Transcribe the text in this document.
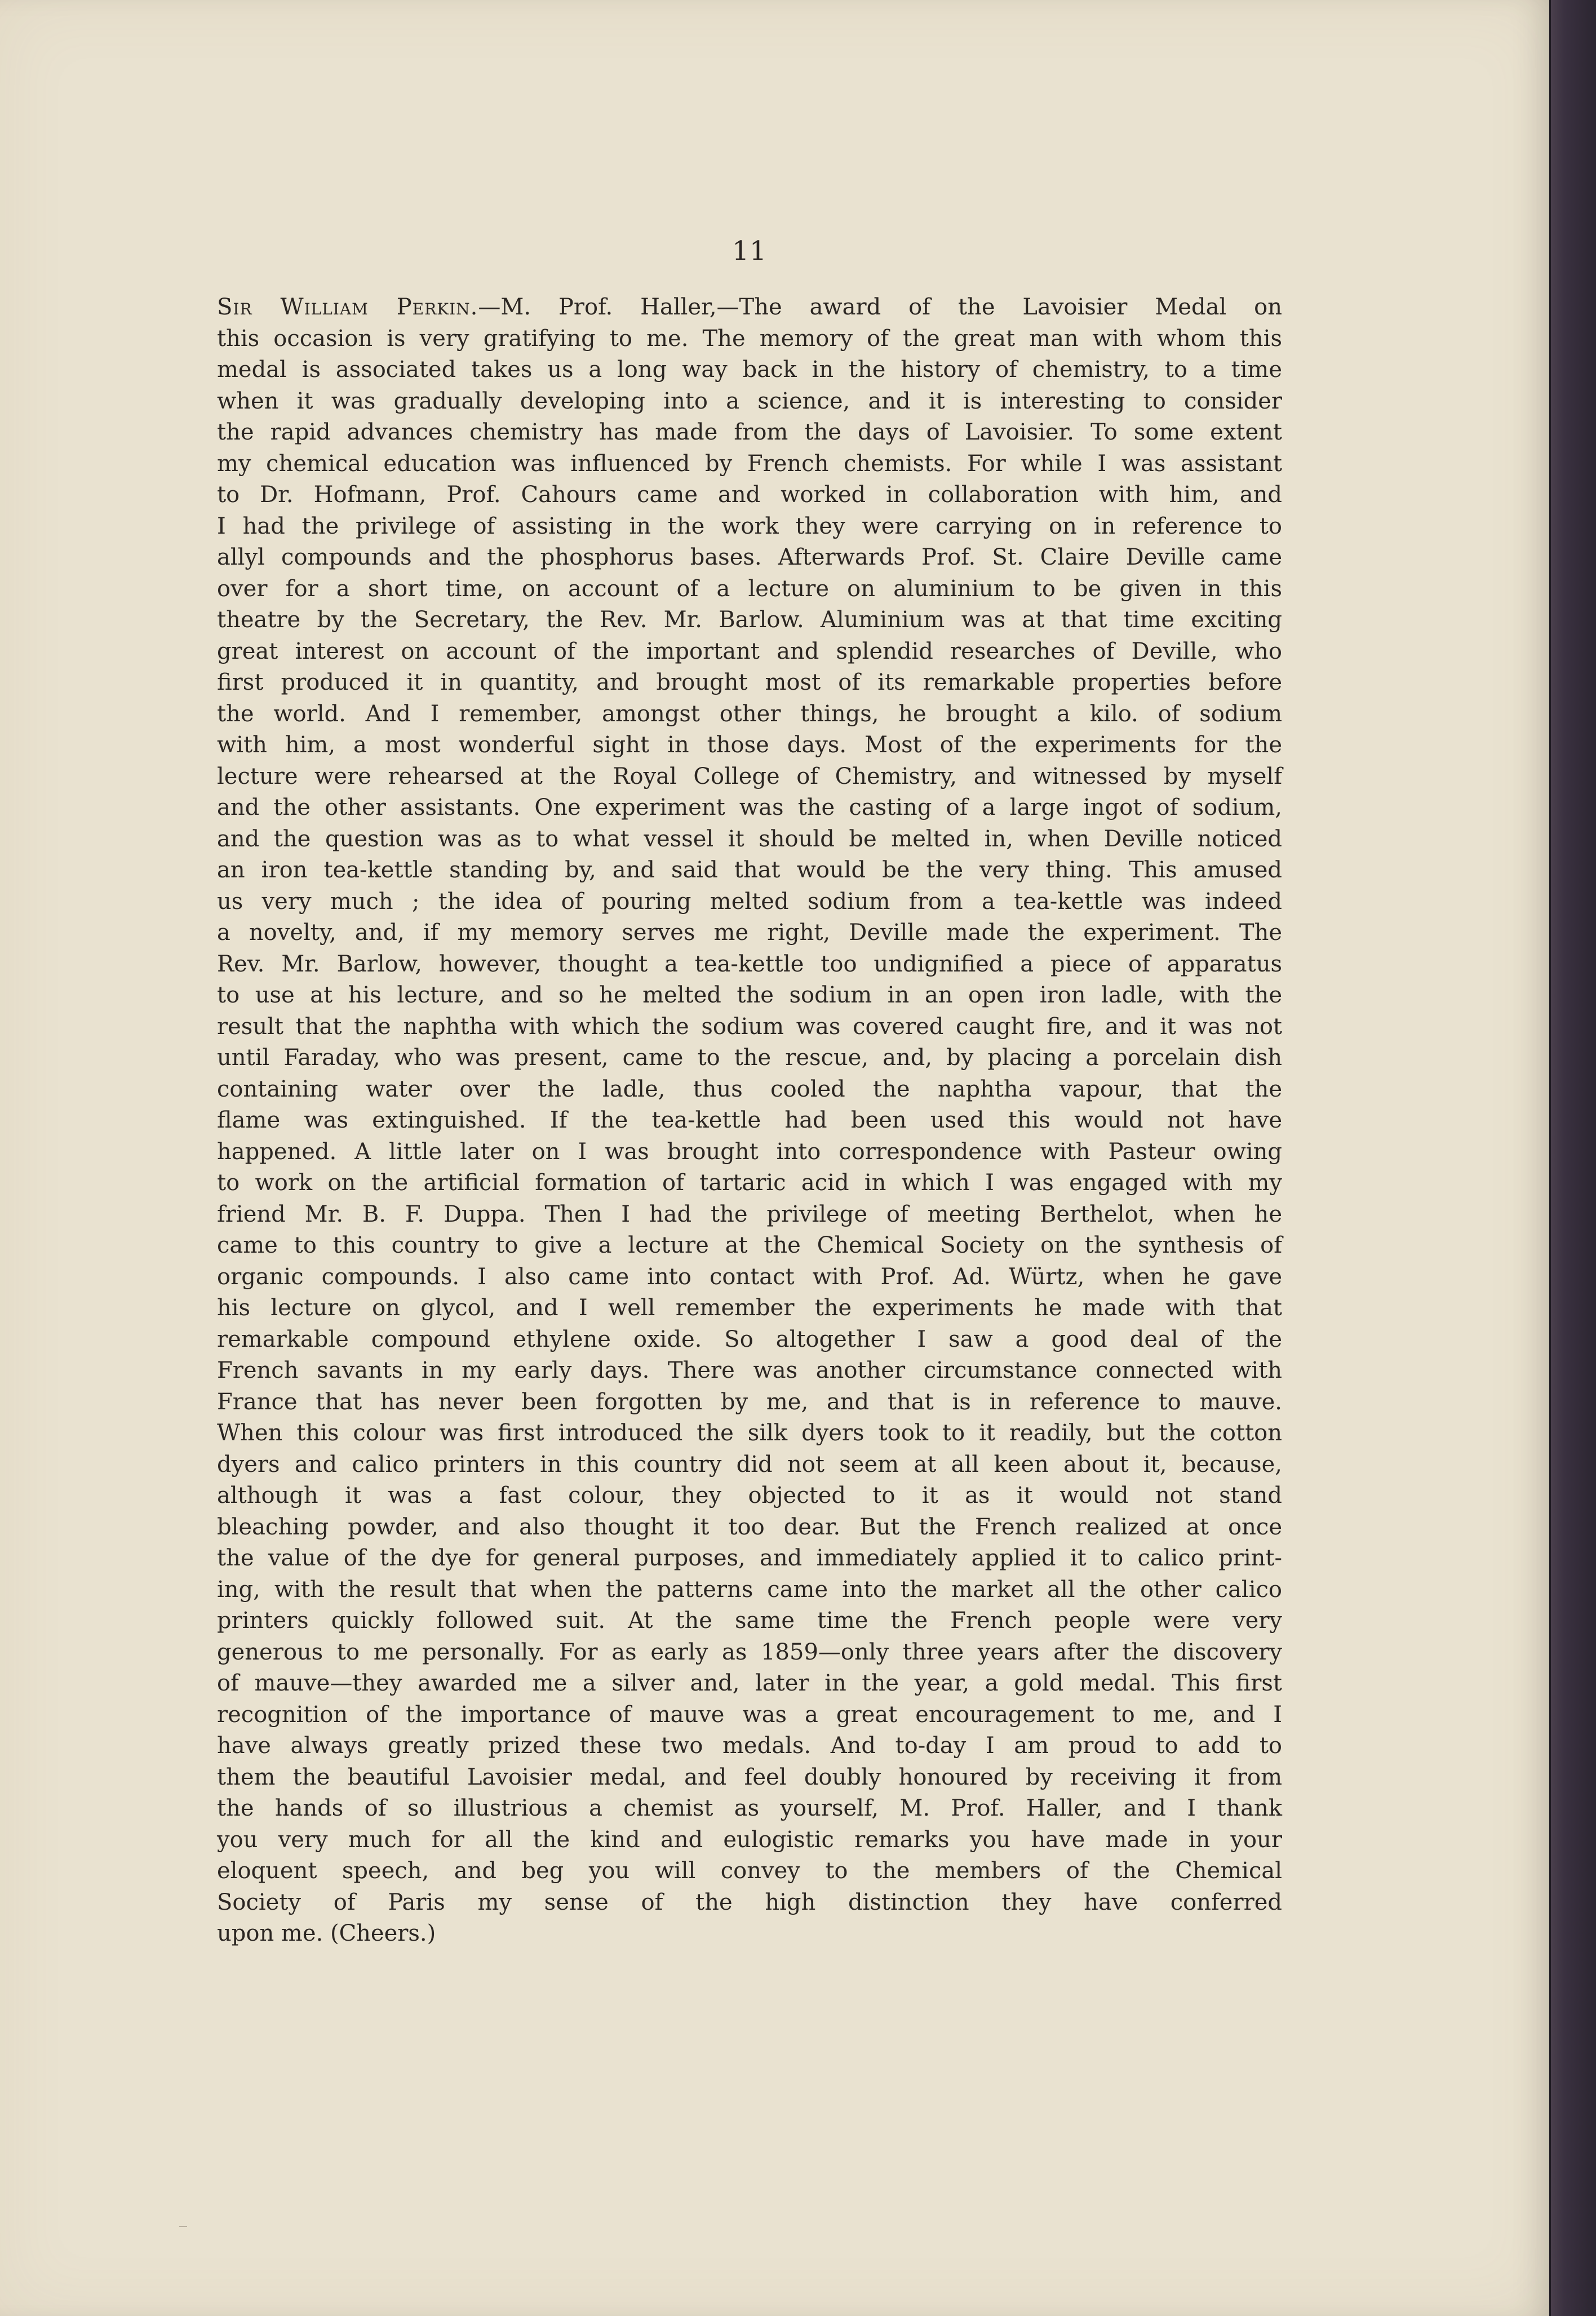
11
Sir William Perkin.—M. Prof. Haller,—The award of the Lavoisier Medal on
this occasion is very gratifying to me. The memory of the great man with whom this
medal is associated takes us a long way back in the history of chemistry, to a time
when it was gradually developing into a science, and it is interesting to consider
the rapid advances chemistry has made from the days of Lavoisier. To some extent
my chemical education was influenced by French chemists. For while I was assistant
to Dr. Hofmann, Prof. Cahours came and worked in collaboration with him, and
I had the privilege of assisting in the work they were carrying on in reference to
allyl compounds and the phosphorus bases. Afterwards Prof. St. Claire Deville came
over for a short time, on account of a lecture on aluminium to be given in this
theatre by the Secretary, the Rev. Mr. Barlow. Aluminium was at that time exciting
great interest on account of the important and splendid researches of Deville, who
first produced it in quantity, and brought most of its remarkable properties before
the world. And I remember, amongst other things, he brought a kilo. of sodium
with him, a most wonderful sight in those days. Most of the experiments for the
lecture were rehearsed at the Royal College of Chemistry, and witnessed by myself
and the other assistants. One experiment was the casting of a large ingot of sodium,
and the question was as to what vessel it should be melted in, when Deville noticed
an iron tea-kettle standing by, and said that would be the very thing. This amused
us very much ; the idea of pouring melted sodium from a tea-kettle was indeed
a novelty, and, if my memory serves me right, Deville made the experiment. The
Rev. Mr. Barlow, however, thought a tea-kettle too undignified a piece of apparatus
to use at his lecture, and so he melted the sodium in an open iron ladle, with the
result that the naphtha with which the sodium was covered caught fire, and it was not
until Faraday, who was present, came to the rescue, and, by placing a porcelain dish
containing water over the ladle, thus cooled the naphtha vapour, that the
flame was extinguished. If the tea-kettle had been used this would not have
happened. A little later on I was brought into correspondence with Pasteur owing
to work on the artificial formation of tartaric acid in which I was engaged with my
friend Mr. B. F. Duppa. Then I had the privilege of meeting Berthelot, when he
came to this country to give a lecture at the Chemical Society on the synthesis of
organic compounds. I also came into contact with Prof. Ad. Würtz, when he gave
his lecture on glycol, and I well remember the experiments he made with that
remarkable compound ethylene oxide. So altogether I saw a good deal of the
French savants in my early days. There was another circumstance connected with
France that has never been forgotten by me, and that is in reference to mauve.
When this colour was first introduced the silk dyers took to it readily, but the cotton
dyers and calico printers in this country did not seem at all keen about it, because,
although it was a fast colour, they objected to it as it would not stand
bleaching powder, and also thought it too dear. But the French realized at once
the value of the dye for general purposes, and immediately applied it to calico print-
ing, with the result that when the patterns came into the market all the other calico
printers quickly followed suit. At the same time the French people were very
generous to me personally. For as early as 1859—only three years after the discovery
of mauve—they awarded me a silver and, later in the year, a gold medal. This first
recognition of the importance of mauve was a great encouragement to me, and I
have always greatly prized these two medals. And to-day I am proud to add to
them the beautiful Lavoisier medal, and feel doubly honoured by receiving it from
the hands of so illustrious a chemist as yourself, M. Prof. Haller, and I thank
you very much for all the kind and eulogistic remarks you have made in your
eloquent speech, and beg you will convey to the members of the Chemical
Society of Paris my sense of the high distinction they have conferred
upon me. (Cheers.)
